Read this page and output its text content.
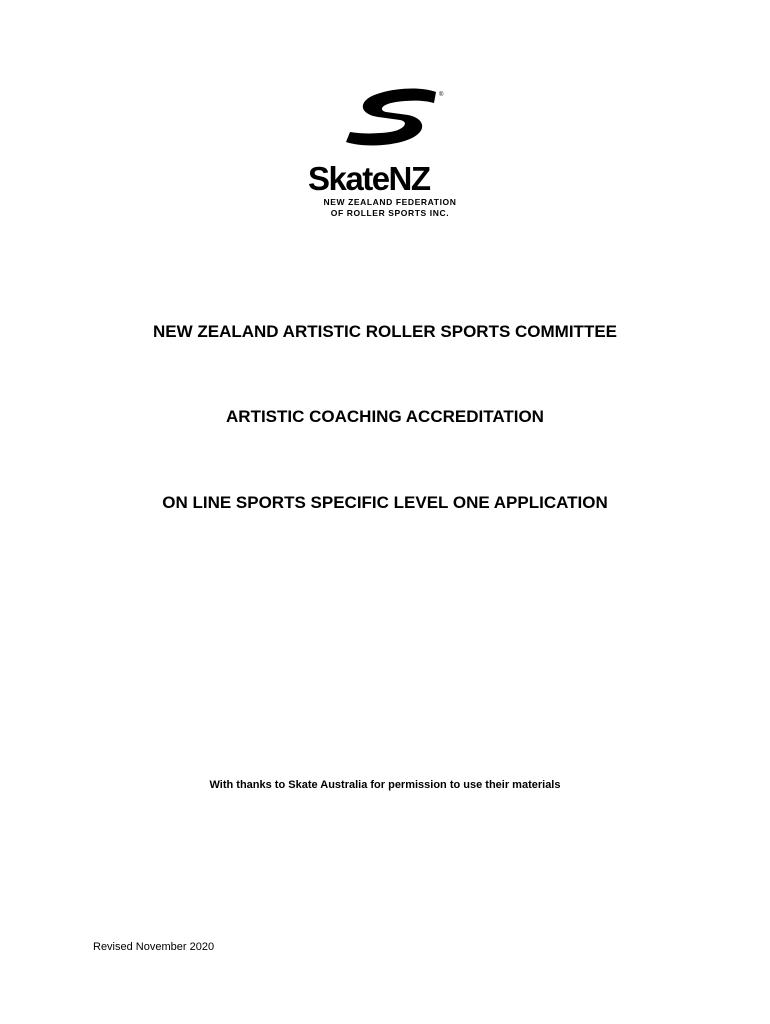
®
SkateNZ
NEW ZEALAND FEDERATION
OF ROLLER SPORTS INC.
NEW ZEALAND ARTISTIC ROLLER SPORTS COMMITTEE
ARTISTIC COACHING ACCREDITATION
ON LINE SPORTS SPECIFIC LEVEL ONE APPLICATION
With thanks to Skate Australia for permission to use their materials
Revised November 2020
